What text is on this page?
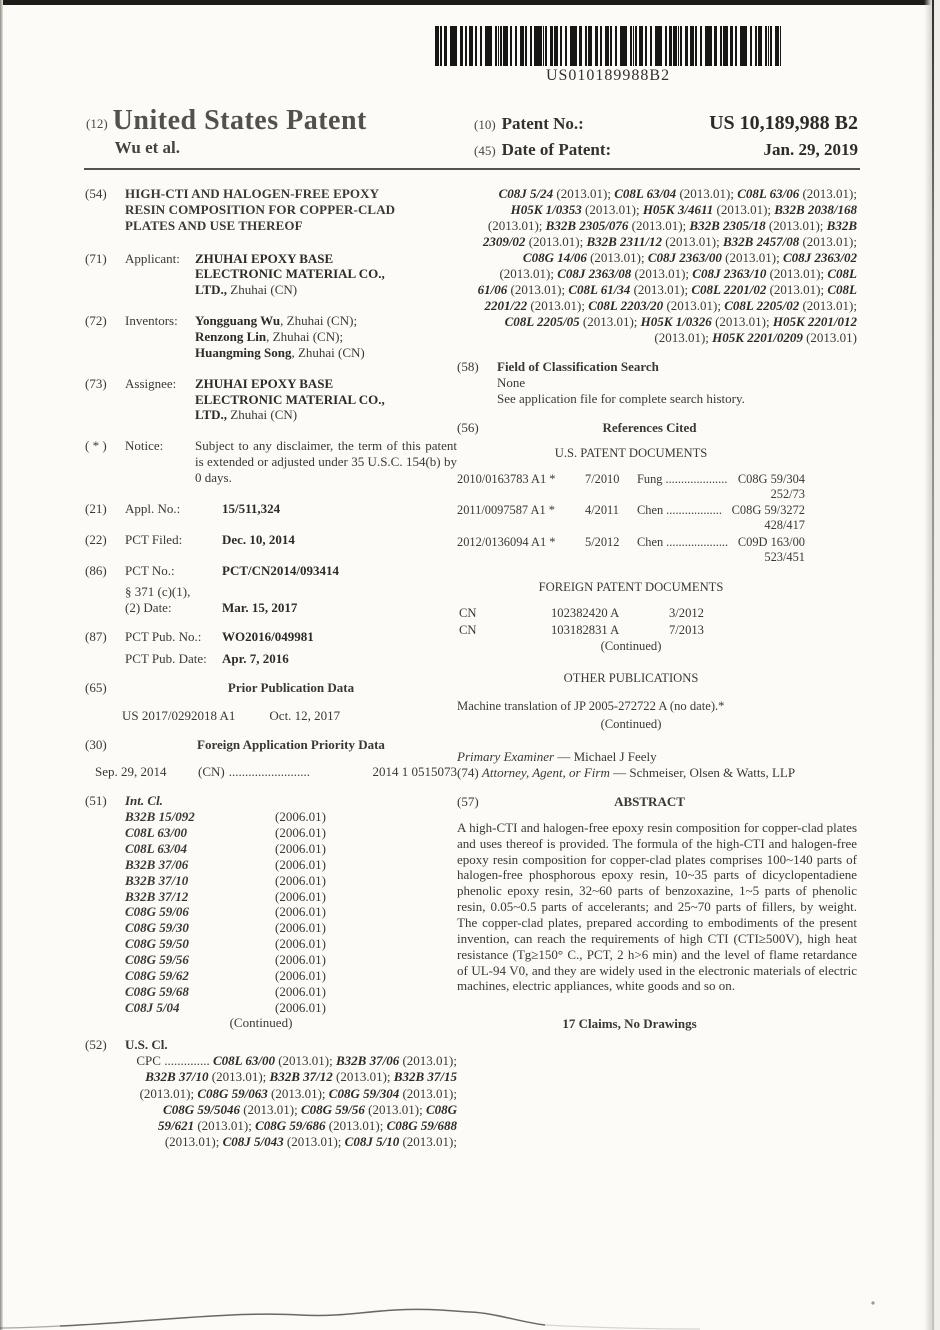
US010189988B2
(12) United States Patent
Wu et al.
(10) Patent No.:	US 10,189,988 B2
(45) Date of Patent:	Jan. 29, 2019
(54)	HIGH-CTI AND HALOGEN-FREE EPOXY RESIN COMPOSITION FOR COPPER-CLAD PLATES AND USE THEREOF
(71)	Applicant:	ZHUHAI EPOXY BASE ELECTRONIC MATERIAL CO., LTD., Zhuhai (CN)
(72)	Inventors:	Yongguang Wu, Zhuhai (CN);
Renzong Lin, Zhuhai (CN);
Huangming Song, Zhuhai (CN)
(73)	Assignee:	ZHUHAI EPOXY BASE ELECTRONIC MATERIAL CO., LTD., Zhuhai (CN)
( * )	Notice:	Subject to any disclaimer, the term of this patent is extended or adjusted under 35 U.S.C. 154(b) by 0 days.
(21)	Appl. No.:	15/511,324
(22)	PCT Filed:	Dec. 10, 2014
(86)	PCT No.:	PCT/CN2014/093414
§ 371 (c)(1),
(2) Date:	Mar. 15, 2017
(87)	PCT Pub. No.:	WO2016/049981
PCT Pub. Date:	Apr. 7, 2016
(65)	Prior Publication Data
US 2017/0292018 A1	Oct. 12, 2017
(30)	Foreign Application Priority Data
Sep. 29, 2014	(CN) .........................	2014 1 0515073
(51)	Int. Cl.
B32B 15/092	(2006.01)
C08L 63/00	(2006.01)
C08L 63/04	(2006.01)
B32B 37/06	(2006.01)
B32B 37/10	(2006.01)
B32B 37/12	(2006.01)
C08G 59/06	(2006.01)
C08G 59/30	(2006.01)
C08G 59/50	(2006.01)
C08G 59/56	(2006.01)
C08G 59/62	(2006.01)
C08G 59/68	(2006.01)
C08J 5/04	(2006.01)
(Continued)
(52)	U.S. Cl.
CPC .............. C08L 63/00 (2013.01); B32B 37/06 (2013.01); B32B 37/10 (2013.01); B32B 37/12 (2013.01); B32B 37/15 (2013.01); C08G 59/063 (2013.01); C08G 59/304 (2013.01); C08G 59/5046 (2013.01); C08G 59/56 (2013.01); C08G 59/621 (2013.01); C08G 59/686 (2013.01); C08G 59/688 (2013.01); C08J 5/043 (2013.01); C08J 5/10 (2013.01);
C08J 5/24 (2013.01); C08L 63/04 (2013.01); C08L 63/06 (2013.01); H05K 1/0353 (2013.01); H05K 3/4611 (2013.01); B32B 2038/168 (2013.01); B32B 2305/076 (2013.01); B32B 2305/18 (2013.01); B32B 2309/02 (2013.01); B32B 2311/12 (2013.01); B32B 2457/08 (2013.01); C08G 14/06 (2013.01); C08J 2363/00 (2013.01); C08J 2363/02 (2013.01); C08J 2363/08 (2013.01); C08J 2363/10 (2013.01); C08L 61/06 (2013.01); C08L 61/34 (2013.01); C08L 2201/02 (2013.01); C08L 2201/22 (2013.01); C08L 2203/20 (2013.01); C08L 2205/02 (2013.01); C08L 2205/05 (2013.01); H05K 1/0326 (2013.01); H05K 2201/012 (2013.01); H05K 2201/0209 (2013.01)
(58)	Field of Classification Search
None
See application file for complete search history.
(56)	References Cited
U.S. PATENT DOCUMENTS
2010/0163783 A1 *	7/2010	Fung .................... C08G 59/304
252/73
2011/0097587 A1 *	4/2011	Chen .................. C08G 59/3272
428/417
2012/0136094 A1 *	5/2012	Chen .................... C09D 163/00
523/451
FOREIGN PATENT DOCUMENTS
CN	102382420 A	3/2012
CN	103182831 A	7/2013
(Continued)
OTHER PUBLICATIONS
Machine translation of JP 2005-272722 A (no date).*
(Continued)
Primary Examiner — Michael J Feely
(74) Attorney, Agent, or Firm — Schmeiser, Olsen & Watts, LLP
(57)	ABSTRACT
A high-CTI and halogen-free epoxy resin composition for copper-clad plates and uses thereof is provided. The formula of the high-CTI and halogen-free epoxy resin composition for copper-clad plates comprises 100~140 parts of halogen-free phosphorous epoxy resin, 10~35 parts of dicyclopentadiene phenolic epoxy resin, 32~60 parts of benzoxazine, 1~5 parts of phenolic resin, 0.05~0.5 parts of accelerants; and 25~70 parts of fillers, by weight. The copper-clad plates, prepared according to embodiments of the present invention, can reach the requirements of high CTI (CTI≥500V), high heat resistance (Tg≥150° C., PCT, 2 h>6 min) and the level of flame retardance of UL-94 V0, and they are widely used in the electronic materials of electric machines, electric appliances, white goods and so on.
17 Claims, No Drawings
